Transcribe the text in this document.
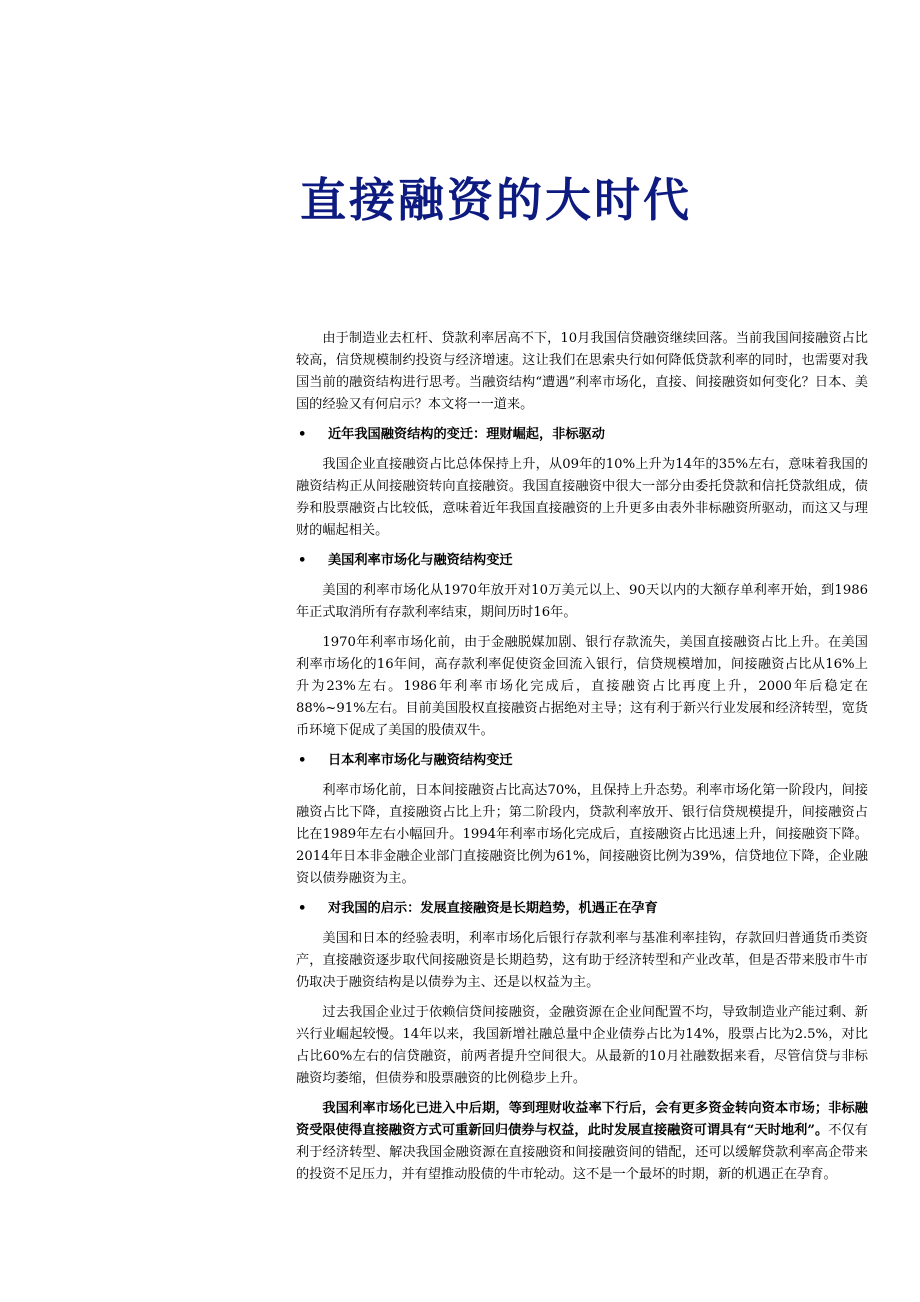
直接融资的大时代

由于制造业去杠杆、贷款利率居高不下，10月我国信贷融资继续回落。当前我国间接融资占比较高，信贷规模制约投资与经济增速。这让我们在思索央行如何降低贷款利率的同时，也需要对我国当前的融资结构进行思考。当融资结构“遭遇”利率市场化，直接、间接融资如何变化？日本、美国的经验又有何启示？本文将一一道来。

• 近年我国融资结构的变迁：理财崛起，非标驱动

我国企业直接融资占比总体保持上升，从09年的10%上升为14年的35%左右，意味着我国的融资结构正从间接融资转向直接融资。我国直接融资中很大一部分由委托贷款和信托贷款组成，债券和股票融资占比较低，意味着近年我国直接融资的上升更多由表外非标融资所驱动，而这又与理财的崛起相关。

• 美国利率市场化与融资结构变迁

美国的利率市场化从1970年放开对10万美元以上、90天以内的大额存单利率开始，到1986年正式取消所有存款利率结束，期间历时16年。

1970年利率市场化前，由于金融脱媒加剧、银行存款流失，美国直接融资占比上升。在美国利率市场化的16年间，高存款利率促使资金回流入银行，信贷规模增加，间接融资占比从16%上升为23%左右。1986年利率市场化完成后，直接融资占比再度上升，2000年后稳定在88%~91%左右。目前美国股权直接融资占据绝对主导；这有利于新兴行业发展和经济转型，宽货币环境下促成了美国的股债双牛。

• 日本利率市场化与融资结构变迁

利率市场化前，日本间接融资占比高达70%，且保持上升态势。利率市场化第一阶段内，间接融资占比下降，直接融资占比上升；第二阶段内，贷款利率放开、银行信贷规模提升，间接融资占比在1989年左右小幅回升。1994年利率市场化完成后，直接融资占比迅速上升，间接融资下降。2014年日本非金融企业部门直接融资比例为61%，间接融资比例为39%，信贷地位下降，企业融资以债券融资为主。

• 对我国的启示：发展直接融资是长期趋势，机遇正在孕育

美国和日本的经验表明，利率市场化后银行存款利率与基准利率挂钩，存款回归普通货币类资产，直接融资逐步取代间接融资是长期趋势，这有助于经济转型和产业改革，但是否带来股市牛市仍取决于融资结构是以债券为主、还是以权益为主。

过去我国企业过于依赖信贷间接融资，金融资源在企业间配置不均，导致制造业产能过剩、新兴行业崛起较慢。14年以来，我国新增社融总量中企业债券占比为14%，股票占比为2.5%，对比占比60%左右的信贷融资，前两者提升空间很大。从最新的10月社融数据来看，尽管信贷与非标融资均萎缩，但债券和股票融资的比例稳步上升。

我国利率市场化已进入中后期，等到理财收益率下行后，会有更多资金转向资本市场；非标融资受限使得直接融资方式可重新回归债券与权益，此时发展直接融资可谓具有“天时地利”。不仅有利于经济转型、解决我国金融资源在直接融资和间接融资间的错配，还可以缓解贷款利率高企带来的投资不足压力，并有望推动股债的牛市轮动。这不是一个最坏的时期，新的机遇正在孕育。
